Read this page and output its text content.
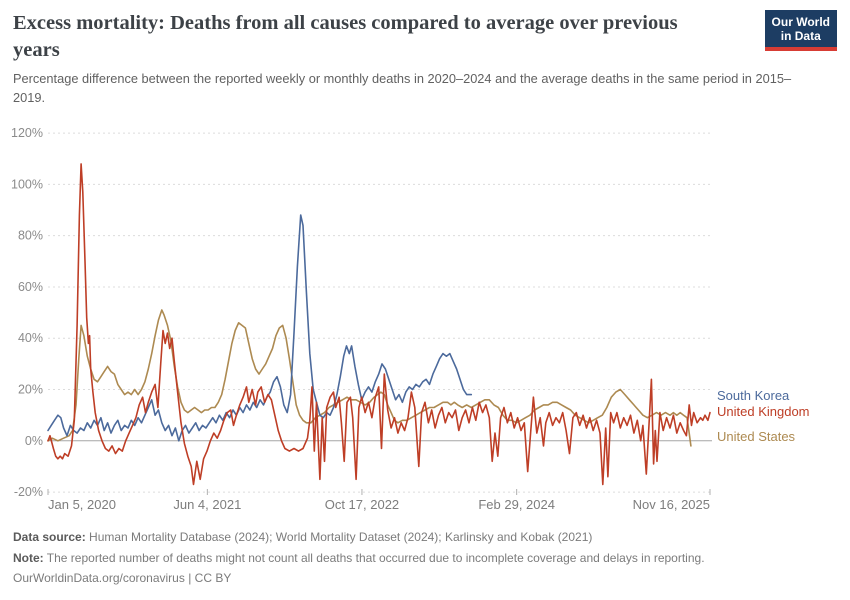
Excess mortality: Deaths from all causes compared to average over previous years
Our World
in Data

Percentage difference between the reported weekly or monthly deaths in 2020–2024 and the average deaths in the same period in 2015–2019.

120%
100%
80%
60%
40%
20%
0%
-20%
Jan 5, 2020	Jun 4, 2021	Oct 17, 2022	Feb 29, 2024	Nov 16, 2025
South Korea
United Kingdom
United States
Data source: Human Mortality Database (2024); World Mortality Dataset (2024); Karlinsky and Kobak (2021)
Note: The reported number of deaths might not count all deaths that occurred due to incomplete coverage and delays in reporting.
OurWorldinData.org/coronavirus | CC BY
